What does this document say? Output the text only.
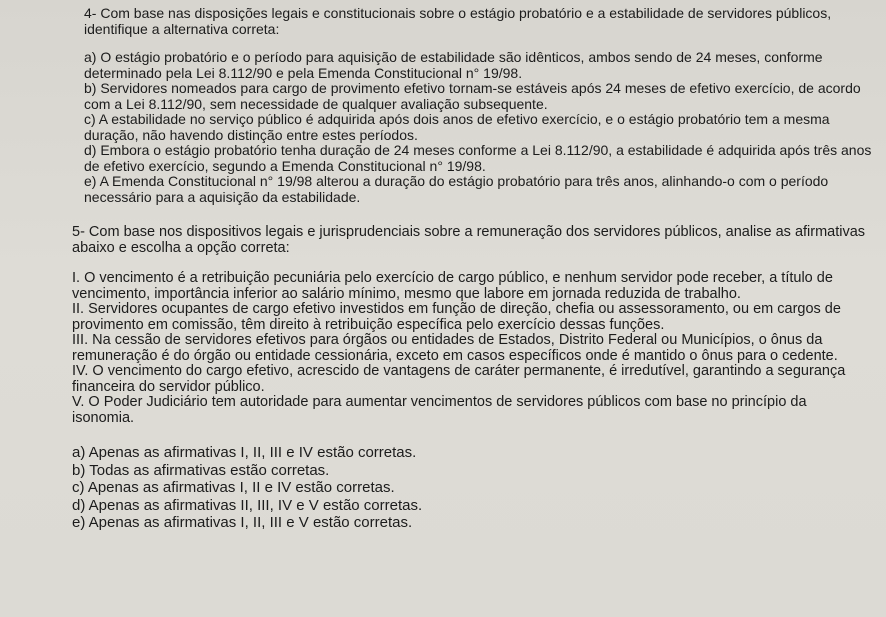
4- Com base nas disposições legais e constitucionais sobre o estágio probatório e a estabilidade de servidores públicos, identifique a alternativa correta:

a) O estágio probatório e o período para aquisição de estabilidade são idênticos, ambos sendo de 24 meses, conforme determinado pela Lei 8.112/90 e pela Emenda Constitucional n° 19/98.

b) Servidores nomeados para cargo de provimento efetivo tornam-se estáveis após 24 meses de efetivo exercício, de acordo com a Lei 8.112/90, sem necessidade de qualquer avaliação subsequente.

c) A estabilidade no serviço público é adquirida após dois anos de efetivo exercício, e o estágio probatório tem a mesma duração, não havendo distinção entre estes períodos.

d) Embora o estágio probatório tenha duração de 24 meses conforme a Lei 8.112/90, a estabilidade é adquirida após três anos de efetivo exercício, segundo a Emenda Constitucional n° 19/98.

e) A Emenda Constitucional n° 19/98 alterou a duração do estágio probatório para três anos, alinhando-o com o período necessário para a aquisição da estabilidade.

5- Com base nos dispositivos legais e jurisprudenciais sobre a remuneração dos servidores públicos, analise as afirmativas abaixo e escolha a opção correta:

I. O vencimento é a retribuição pecuniária pelo exercício de cargo público, e nenhum servidor pode receber, a título de vencimento, importância inferior ao salário mínimo, mesmo que labore em jornada reduzida de trabalho.

II. Servidores ocupantes de cargo efetivo investidos em função de direção, chefia ou assessoramento, ou em cargos de provimento em comissão, têm direito à retribuição específica pelo exercício dessas funções.

III. Na cessão de servidores efetivos para órgãos ou entidades de Estados, Distrito Federal ou Municípios, o ônus da remuneração é do órgão ou entidade cessionária, exceto em casos específicos onde é mantido o ônus para o cedente.

IV. O vencimento do cargo efetivo, acrescido de vantagens de caráter permanente, é irredutível, garantindo a segurança financeira do servidor público.

V. O Poder Judiciário tem autoridade para aumentar vencimentos de servidores públicos com base no princípio da isonomia.

a) Apenas as afirmativas I, II, III e IV estão corretas.

b) Todas as afirmativas estão corretas.

c) Apenas as afirmativas I, II e IV estão corretas.

d) Apenas as afirmativas II, III, IV e V estão corretas.

e) Apenas as afirmativas I, II, III e V estão corretas.
